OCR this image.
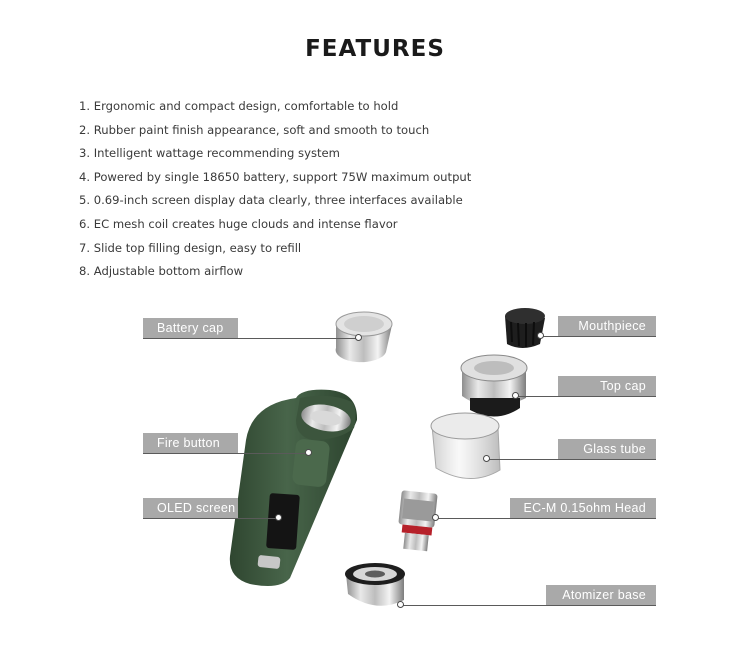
FEATURES
1. Ergonomic and compact design, comfortable to hold
2. Rubber paint finish appearance, soft and smooth to touch
3. Intelligent wattage recommending system
4. Powered by single 18650 battery, support 75W maximum output
5. 0.69-inch screen display data clearly, three interfaces available
6. EC mesh coil creates huge clouds and intense flavor
7. Slide top filling design, easy to refill
8. Adjustable bottom airflow
Battery cap
Fire button
OLED screen
Mouthpiece
Top cap
Glass tube
EC-M 0.15ohm Head
Atomizer base
